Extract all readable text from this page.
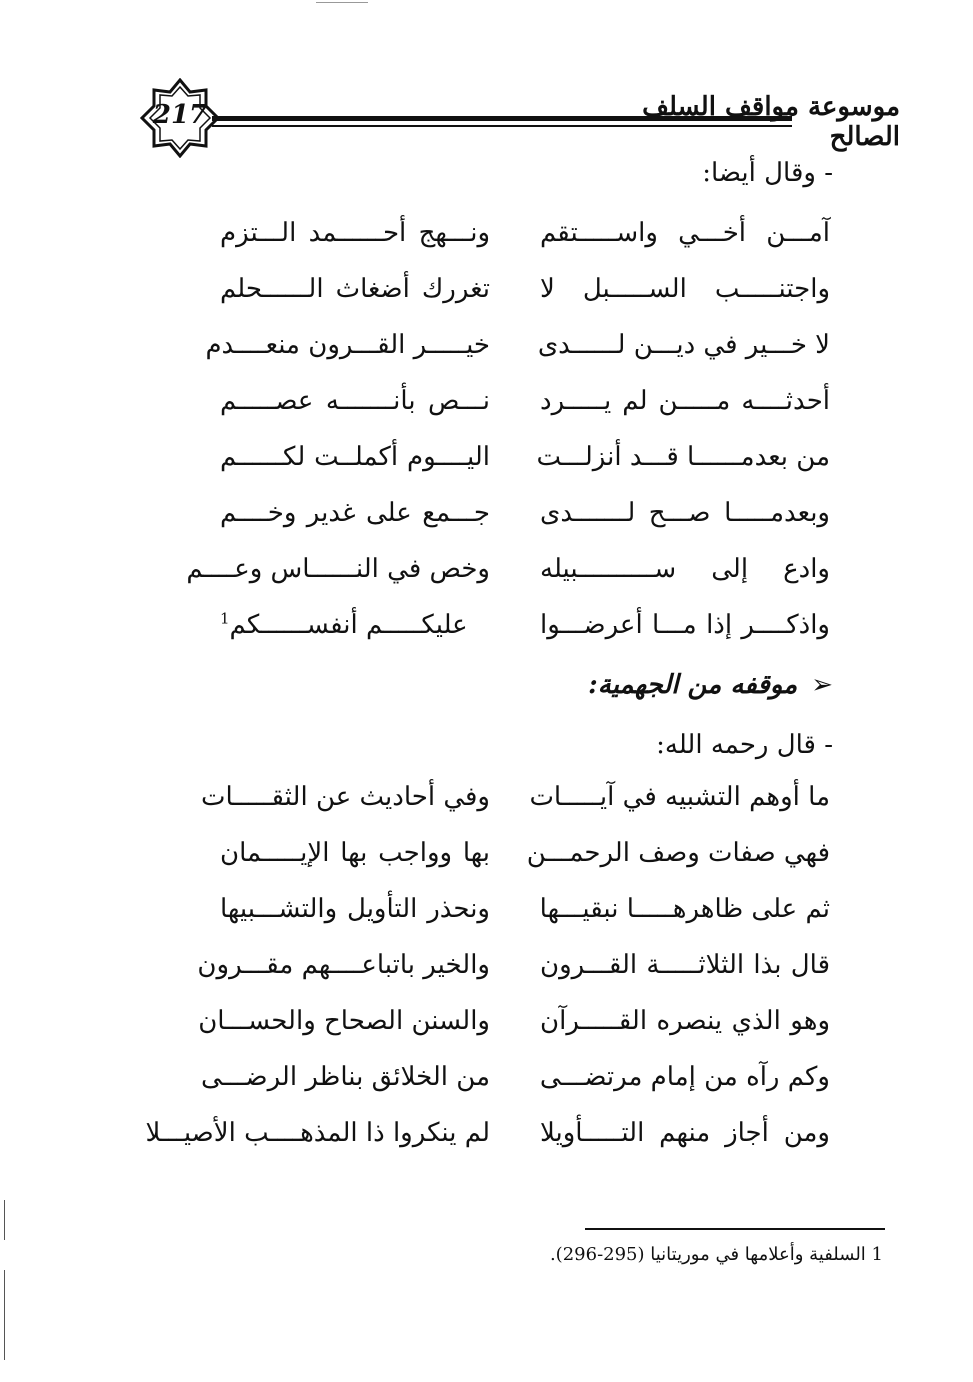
217	موسوعة مواقف السلف الصالح
- وقال أيضا:
آمـــن أخـــي واســـــتقم
ونـــهج أحــــــمد الـــتزم
واجتنـــــب الســـــبل لا
تغررك أضغاث الــــــحلم
لا خـــير في ديـــن لــــــدى
خيـــــر القـــرون منعــــدم
أحدثــــه مـــــن لم يـــــرد
نـــص بأنـــــــه عصـــــم
من بعدمــــــا قـــد أنزلـــت
اليــــوم أكملــت لكــــــم
وبعدمـــــا صـــح لـــــــدى
جـــمع على غدير وخــــم
وادع إلى ســــــــــبيله
وخص في النــــــاس وعــــم
واذكــــر إذا مـــا أعرضـــوا
عليكـــــم أنفســــــكم$^1$
➢موقفه من الجهمية:
- قال رحمه الله:
ما أوهم التشبيه في آيـــــات
وفي أحاديث عن الثقـــــات
فهي صفات وصف الرحمـــن
بها وواجب بها الإيـــــمان
ثم على ظاهرهـــــا نبقيـــها
ونحذر التأويل والتشـــبيها
قال بذا الثلاثـــــة القـــرون
والخير باتباعــــهم مقـــرون
وهو الذي ينصره القـــــرآن
والسنن الصحاح والحســـان
وكم رآه من إمام مرتضـــى
من الخلائق بناظر الرضـــى
ومن أجاز منهم التـــــأويلا
لم ينكروا ذا المذهــــب الأصيـــلا
1 السلفية وأعلامها في موريتانيا (295-296).
